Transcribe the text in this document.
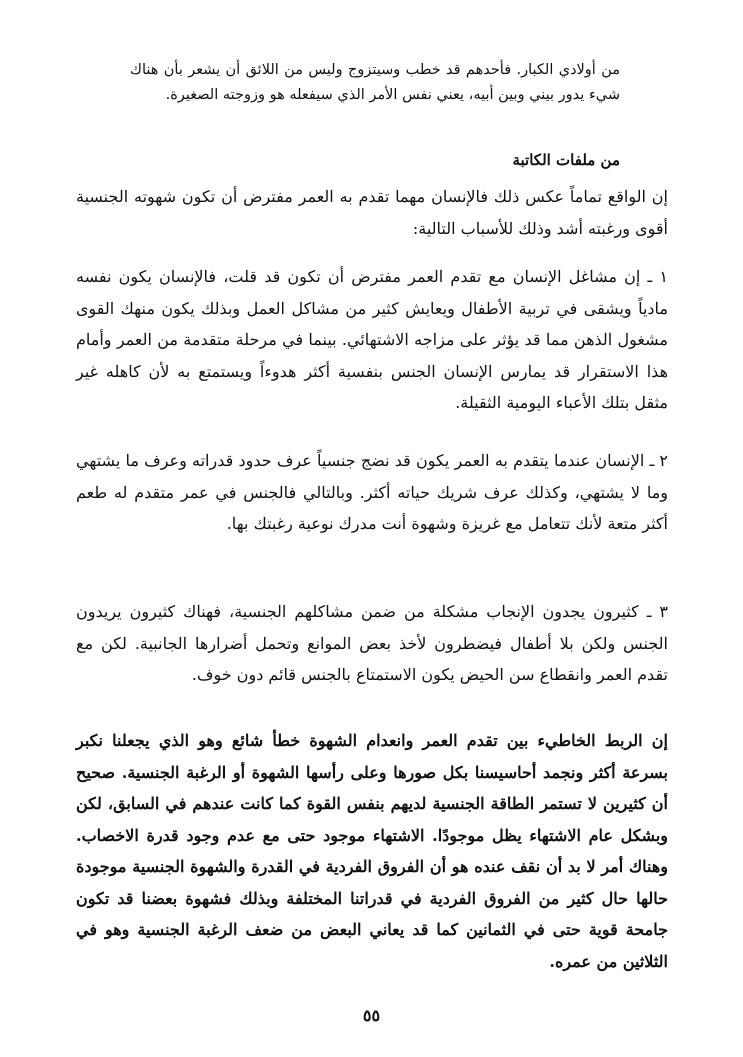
من أولادي الكبار. فأحدهم قد خطب وسيتزوج وليس من اللائق أن يشعر بأن هناك شيء يدور بيني وبين أبيه، يعني نفس الأمر الذي سيفعله هو وزوجته الصغيرة.

من ملفات الكاتبة

إن الواقع تماماً عكس ذلك فالإنسان مهما تقدم به العمر مفترض أن تكون شهوته الجنسية أقوى ورغبته أشد وذلك للأسباب التالية:

١ ـ إن مشاغل الإنسان مع تقدم العمر مفترض أن تكون قد قلت، فالإنسان يكون نفسه مادياً ويشقى في تربية الأطفال ويعايش كثير من مشاكل العمل وبذلك يكون منهك القوى مشغول الذهن مما قد يؤثر على مزاجه الاشتهائي. بينما في مرحلة متقدمة من العمر وأمام هذا الاستقرار قد يمارس الإنسان الجنس بنفسية أكثر هدوءاً ويستمتع به لأن كاهله غير مثقل بتلك الأعباء اليومية الثقيلة.

٢ ـ الإنسان عندما يتقدم به العمر يكون قد نضج جنسياً عرف حدود قدراته وعرف ما يشتهي وما لا يشتهي، وكذلك عرف شريك حياته أكثر. وبالتالي فالجنس في عمر متقدم له طعم أكثر متعة لأنك تتعامل مع غريزة وشهوة أنت مدرك نوعية رغبتك بها.

٣ ـ كثيرون يجدون الإنجاب مشكلة من ضمن مشاكلهم الجنسية، فهناك كثيرون يريدون الجنس ولكن بلا أطفال فيضطرون لأخذ بعض الموانع وتحمل أضرارها الجانبية. لكن مع تقدم العمر وانقطاع سن الحيض يكون الاستمتاع بالجنس قائم دون خوف.

إن الربط الخاطيء بين تقدم العمر وانعدام الشهوة خطأ شائع وهو الذي يجعلنا نكبر بسرعة أكثر ونجمد أحاسيسنا بكل صورها وعلى رأسها الشهوة أو الرغبة الجنسية. صحيح أن كثيرين لا تستمر الطاقة الجنسية لديهم بنفس القوة كما كانت عندهم في السابق، لكن وبشكل عام الاشتهاء يظل موجودًا. الاشتهاء موجود حتى مع عدم وجود قدرة الاخصاب. وهناك أمر لا بد أن نقف عنده هو أن الفروق الفردية في القدرة والشهوة الجنسية موجودة حالها حال كثير من الفروق الفردية في قدراتنا المختلفة وبذلك فشهوة بعضنا قد تكون جامحة قوية حتى في الثمانين كما قد يعاني البعض من ضعف الرغبة الجنسية وهو في الثلاثين من عمره.

٥٥
